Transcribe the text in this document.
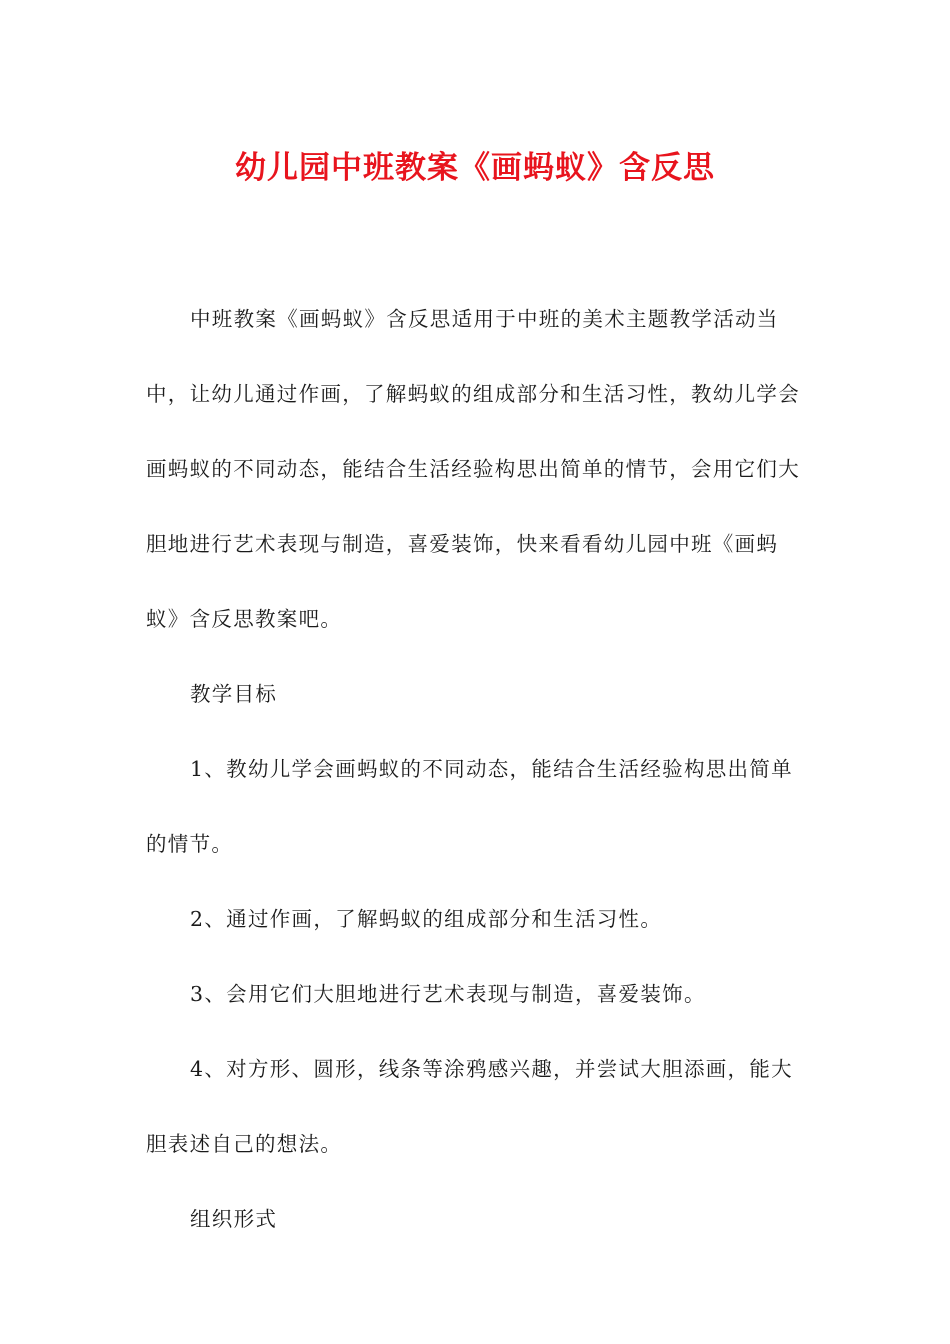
幼儿园中班教案《画蚂蚁》含反思

中班教案《画蚂蚁》含反思适用于中班的美术主题教学活动当中，让幼儿通过作画，了解蚂蚁的组成部分和生活习性，教幼儿学会画蚂蚁的不同动态，能结合生活经验构思出简单的情节，会用它们大胆地进行艺术表现与制造，喜爱装饰，快来看看幼儿园中班《画蚂蚁》含反思教案吧。

教学目标

1、教幼儿学会画蚂蚁的不同动态，能结合生活经验构思出简单的情节。

2、通过作画，了解蚂蚁的组成部分和生活习性。

3、会用它们大胆地进行艺术表现与制造，喜爱装饰。

4、对方形、圆形，线条等涂鸦感兴趣，并尝试大胆添画，能大胆表述自己的想法。

组织形式
